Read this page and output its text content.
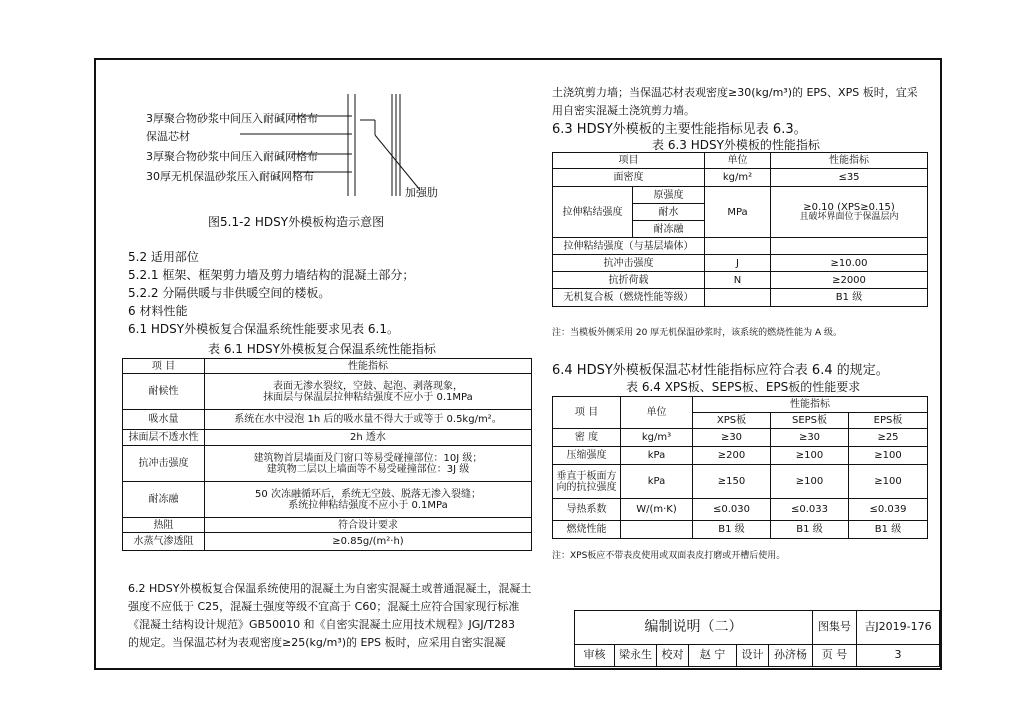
3厚聚合物砂浆中间压入耐碱网格布
保温芯材
3厚聚合物砂浆中间压入耐碱网格布
30厚无机保温砂浆压入耐碱网格布
加强肋
图5.1-2 HDSY外模板构造示意图
5.2 适用部位
5.2.1 框架、框架剪力墙及剪力墙结构的混凝土部分；
5.2.2 分隔供暖与非供暖空间的楼板。
6 材料性能
6.1 HDSY外模板复合保温系统性能要求见表 6.1。
表 6.1 HDSY外模板复合保温系统性能指标
项 目	性能指标
耐候性	表面无渗水裂纹，空鼓、起泡、剥落现象，
抹面层与保温层拉伸粘结强度不应小于 0.1MPa
吸水量	系统在水中浸泡 1h 后的吸水量不得大于或等于 0.5kg/m²。
抹面层不透水性	2h 透水
抗冲击强度	建筑物首层墙面及门窗口等易受碰撞部位：10J 级；
建筑物二层以上墙面等不易受碰撞部位：3J 级
耐冻融	50 次冻融循环后，系统无空鼓、脱落无渗入裂缝；
系统拉伸粘结强度不应小于 0.1MPa
热阻	符合设计要求
水蒸气渗透阻	≥0.85g/(m²·h)
6.2 HDSY外模板复合保温系统使用的混凝土为自密实混凝土或普通混凝土，混凝土
强度不应低于 C25，混凝土强度等级不宜高于 C60；混凝土应符合国家现行标准
《混凝土结构设计规范》GB50010 和《自密实混凝土应用技术规程》JGJ/T283
的规定。当保温芯材为表观密度≥25(kg/m³)的 EPS 板时，应采用自密实混凝
土浇筑剪力墙；当保温芯材表观密度≥30(kg/m³)的 EPS、XPS 板时，宜采
用自密实混凝土浇筑剪力墙。
6.3 HDSY外模板的主要性能指标见表 6.3。
表 6.3 HDSY外模板的性能指标
项目		单位	性能指标
面密度		kg/m²	≤35
拉伸粘结强度	原强度	MPa	≥0.10 (XPS≥0.15)
且破坏界面位于保温层内

	耐水		
	耐冻融		
拉伸粘结强度（与基层墙体）			
抗冲击强度		J	≥10.00
抗折荷载		N	≥2000
无机复合板（燃烧性能等级）			B1 级
注：当模板外侧采用 20 厚无机保温砂浆时，该系统的燃烧性能为 A 级。
6.4 HDSY外模板保温芯材性能指标应符合表 6.4 的规定。
表 6.4 XPS板、SEPS板、EPS板的性能要求
项 目	单位	性能指标		
		XPS板	SEPS板	EPS板
密 度	kg/m³	≥30	≥30	≥25
压缩强度	kPa	≥200	≥100	≥100
垂直于板面方向的抗拉强度	kPa	≥150	≥100	≥100
导热系数	W/(m·K)	≤0.030	≤0.033	≤0.039
燃烧性能		B1 级	B1 级	B1 级
注：XPS板应不带表皮使用或双面表皮打磨或开槽后使用。
编制说明（二）						图集号	吉J2019-176
审核	梁永生	校对	赵 宁	设计	孙济杨	页 号	3
